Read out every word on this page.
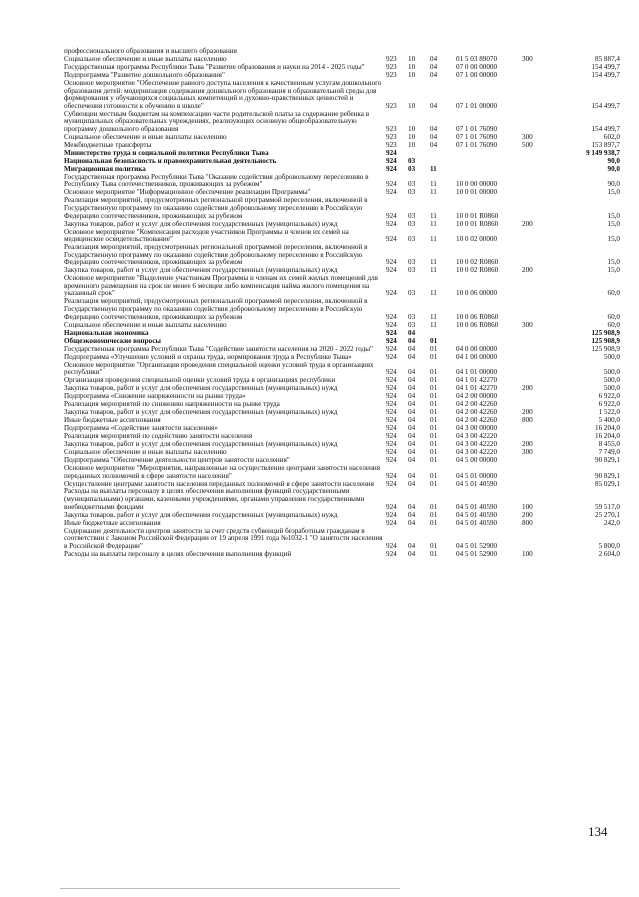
профессионального образования и высшего образования
Социальное обеспечение и иные выплаты населению	923	10	04	01 5 03 89070	300	85 887,4
Государственная программа Республики Тыва "Развитие образования и науки на 2014 - 2025 годы"	923	10	04	07 0 00 00000	154 499,7
Подпрограмма "Развитие дошкольного образования"	923	10	04	07 1 00 00000	154 499,7
Основное мероприятие "Обеспечение равного доступа населения к качественным услугам дошкольного образования детей: модернизация содержания дошкольного образования и образовательной среды для формирования у обучающихся социальных компетенций и духовно-нравственных ценностей и обеспечения готовности к обучению в школе"	923	10	04	07 1 01 00000	154 499,7
Субвенции местным бюджетам на компенсацию части родительской платы за содержание ребенка в муниципальных образовательных учреждениях, реализующих основную общеобразовательную программу дошкольного образования	923	10	04	07 1 01 76090	154 499,7
Социальное обеспечение и иные выплаты населению	923	10	04	07 1 01 76090	300	602,0
Межбюджетные трансферты	923	10	04	07 1 01 76090	500	153 897,7
Министерство труда и социальной политики Республики Тыва	924	9 149 938,7
Национальная безопасность и правоохранительная деятельность	924	03	90,0
Миграционная политика	924	03	11	90,0
Государственная программа Республики Тыва "Оказание содействия добровольному переселению в Республику Тыва соотечественников, проживающих за рубежом"	924	03	11	10 0 00 00000	90,0
Основное мероприятие "Информационное обеспечение реализации Программы"	924	03	11	10 0 01 00000	15,0
Реализация мероприятий, предусмотренных региональной программой переселения, включенной в Государственную программу по оказанию содействия добровольному переселению в Российскую Федерацию соотечественников, проживающих за рубежом	924	03	11	10 0 01 R0860	15,0
Закупка товаров, работ и услуг для обеспечения государственных (муниципальных) нужд	924	03	11	10 0 01 R0860	200	15,0
Основное мероприятие "Компенсация расходов участников Программы и членов их семей на медицинское освидетельствование"	924	03	11	10 0 02 00000	15,0
Реализация мероприятий, предусмотренных региональной программой переселения, включенной в Государственную программу по оказанию содействия добровольному переселению в Российскую Федерацию соотечественников, проживающих за рубежом	924	03	11	10 0 02 R0860	15,0
Закупка товаров, работ и услуг для обеспечения государственных (муниципальных) нужд	924	03	11	10 0 02 R0860	200	15,0
Основное мероприятие "Выделение участникам Программы и членам их семей жилых помещений для временного размещения на срок не менее 6 месяцев либо компенсация найма жилого помещения на указанный срок"	924	03	11	10 0 06 00000	60,0
Реализация мероприятий, предусмотренных региональной программой переселения, включенной в Государственную программу по оказанию содействия добровольному переселению в Российскую Федерацию соотечественников, проживающих за рубежом	924	03	11	10 0 06 R0860	60,0
Социальное обеспечение и иные выплаты населению	924	03	11	10 0 06 R0860	300	60,0
Национальная экономика	924	04	125 908,9
Общеэкономические вопросы	924	04	01	125 908,9
Государственная программа Республики Тыва "Содействие занятости населения на 2020 - 2022 годы"	924	04	01	04 0 00 00000	125 908,9
Подпрограмма «Улучшение условий и охраны труда, нормирования труда в Республике Тыва»	924	04	01	04 1 00 00000	500,0
Основное мероприятие "Организация проведения специальной оценки условий труда в организациях республики"	924	04	01	04 1 01 00000	500,0
Организация проведения специальной оценки условий труда в организациях республики	924	04	01	04 1 01 42270	500,0
Закупка товаров, работ и услуг для обеспечения государственных (муниципальных) нужд	924	04	01	04 1 01 42270	200	500,0
Подпрограмма «Снижение напряженности на рынке труда»	924	04	01	04 2 00 00000	6 922,0
Реализация мероприятий по снижению напряженности на рынке труда	924	04	01	04 2 00 42260	6 922,0
Закупка товаров, работ и услуг для обеспечения государственных (муниципальных) нужд	924	04	01	04 2 00 42260	200	1 522,0
Иные бюджетные ассигнования	924	04	01	04 2 00 42260	800	5 400,0
Подпрограмма «Содействие занятости населения»	924	04	01	04 3 00 00000	16 204,0
Реализация мероприятий по содействию занятости населения	924	04	01	04 3 00 42220	16 204,0
Закупка товаров, работ и услуг для обеспечения государственных (муниципальных) нужд	924	04	01	04 3 00 42220	200	8 455,0
Социальное обеспечение и иные выплаты населению	924	04	01	04 3 00 42220	300	7 749,0
Подпрограмма "Обеспечение деятельности центров занятости населения"	924	04	01	04 5 00 00000	90 829,1
Основное мероприятие "Мероприятия, направленные на осуществление центрами занятости населения переданных полномочий в сфере занятости населения"	924	04	01	04 5 01 00000	90 829,1
Осуществление центрами занятости населения переданных полномочий в сфере занятости населения	924	04	01	04 5 01 40590	85 029,1
Расходы на выплаты персоналу в целях обеспечения выполнения функций государственными (муниципальными) органами, казенными учреждениями, органами управления государственными внебюджетными фондами	924	04	01	04 5 01 40590	100	59 517,0
Закупка товаров, работ и услуг для обеспечения государственных (муниципальных) нужд	924	04	01	04 5 01 40590	200	25 270,1
Иные бюджетные ассигнования	924	04	01	04 5 01 40590	800	242,0
Содержание деятельности центров занятости за счет средств субвенций безработным гражданам в соответствии с Законом Российской Федерации от 19 апреля 1991 года №1032-1 "О занятости населения в Российской Федерации"	924	04	01	04 5 01 52900	5 800,0
Расходы на выплаты персоналу в целях обеспечения выполнения функций	924	04	01	04 5 01 52900	100	2 604,0
134
